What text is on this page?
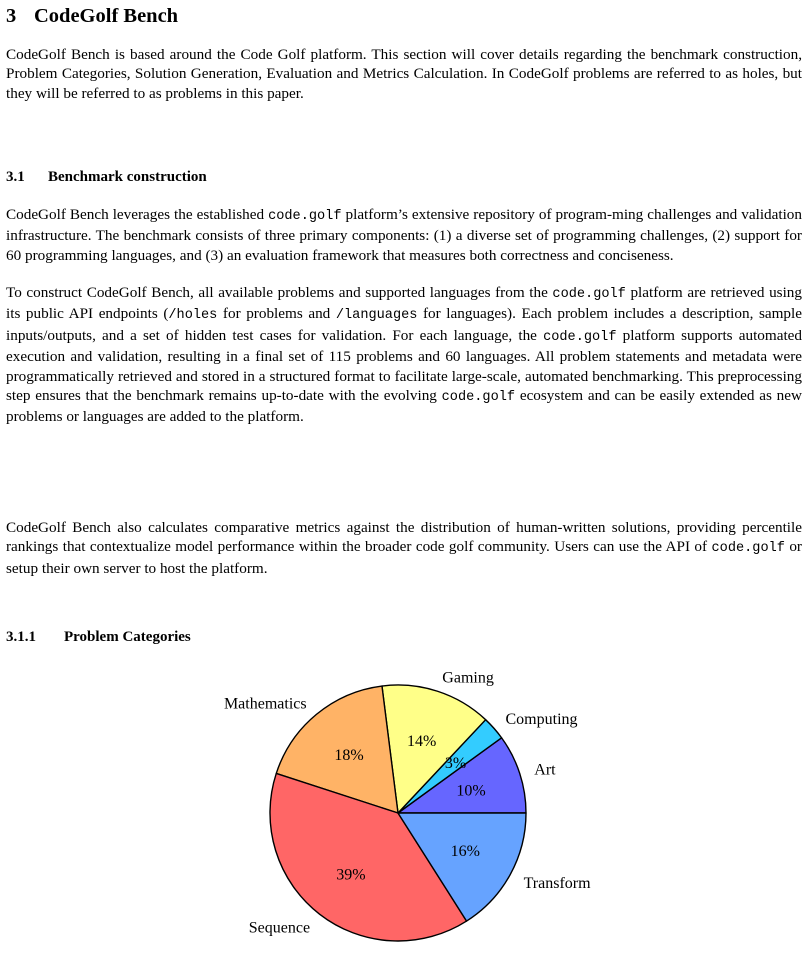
3 CodeGolf Bench

CodeGolf Bench is based around the Code Golf platform. This section will cover details regarding the benchmark construction, Problem Categories, Solution Generation, Evaluation and Metrics Calculation. In CodeGolf problems are referred to as holes, but they will be referred to as problems in this paper.

3.1 Benchmark construction

CodeGolf Bench leverages the established code.golf platform’s extensive repository of program-ming challenges and validation infrastructure. The benchmark consists of three primary components: (1) a diverse set of programming challenges, (2) support for 60 programming languages, and (3) an evaluation framework that measures both correctness and conciseness.

To construct CodeGolf Bench, all available problems and supported languages from the code.golf platform are retrieved using its public API endpoints (/holes for problems and /languages for languages). Each problem includes a description, sample inputs/outputs, and a set of hidden test cases for validation. For each language, the code.golf platform supports automated execution and validation, resulting in a final set of 115 problems and 60 languages. All problem statements and metadata were programmatically retrieved and stored in a structured format to facilitate large-scale, automated benchmarking. This preprocessing step ensures that the benchmark remains up-to-date with the evolving code.golf ecosystem and can be easily extended as new problems or languages are added to the platform.

CodeGolf Bench also calculates comparative metrics against the distribution of human-written solutions, providing percentile rankings that contextualize model performance within the broader code golf community. Users can use the API of code.golf or setup their own server to host the platform.

3.1.1 Problem Categories
10%
Art
3%
Computing
14%
Gaming
18%
Mathematics
39%
Sequence
16%
Transform
